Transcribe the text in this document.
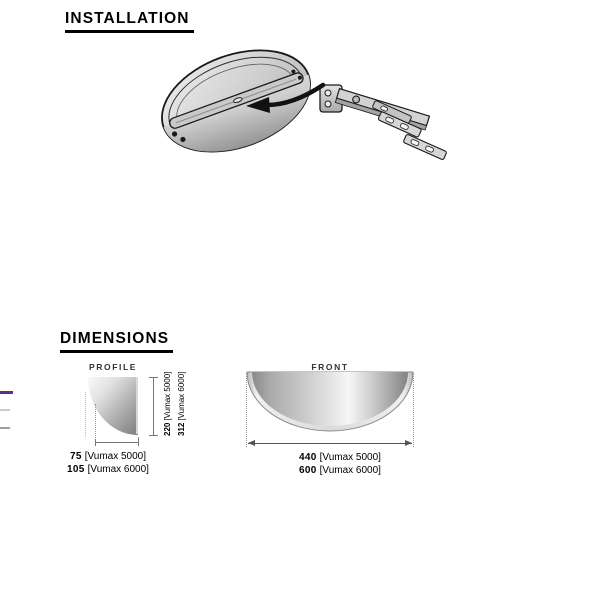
INSTALLATION
DIMENSIONS
PROFILE
220[Vumax 5000]
312[Vumax 6000]
75 [Vumax 5000]
105 [Vumax 6000]
FRONT
440 [Vumax 5000]
600 [Vumax 6000]
